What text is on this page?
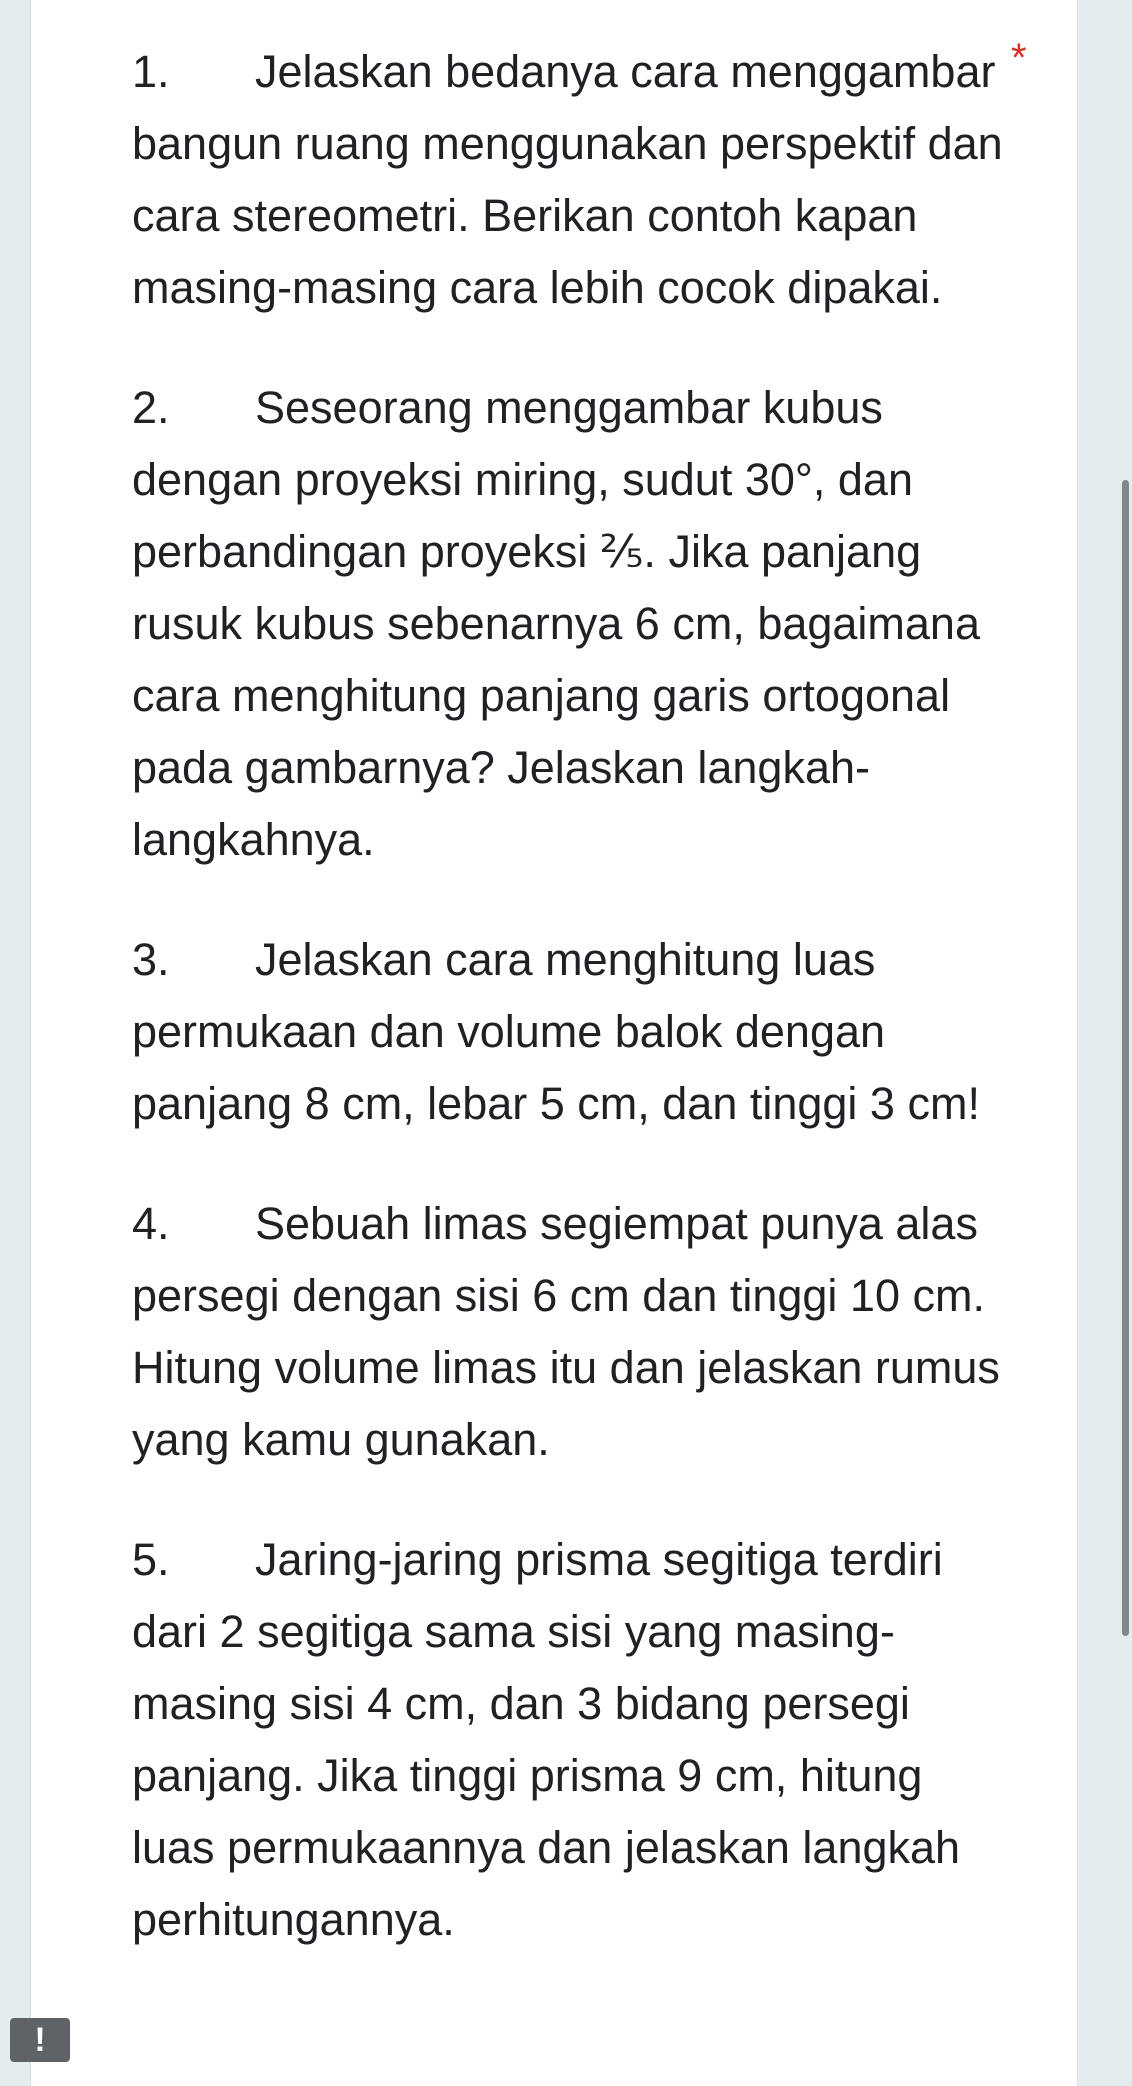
*

1. Jelaskan bedanya cara menggambar bangun ruang menggunakan perspektif dan cara stereometri. Berikan contoh kapan masing-masing cara lebih cocok dipakai.

2. Seseorang menggambar kubus dengan proyeksi miring, sudut 30°, dan perbandingan proyeksi ⅖. Jika panjang rusuk kubus sebenarnya 6 cm, bagaimana cara menghitung panjang garis ortogonal pada gambarnya? Jelaskan langkah-langkahnya.

3. Jelaskan cara menghitung luas permukaan dan volume balok dengan panjang 8 cm, lebar 5 cm, dan tinggi 3 cm!

4. Sebuah limas segiempat punya alas persegi dengan sisi 6 cm dan tinggi 10 cm. Hitung volume limas itu dan jelaskan rumus yang kamu gunakan.

5. Jaring-jaring prisma segitiga terdiri dari 2 segitiga sama sisi yang masing-masing sisi 4 cm, dan 3 bidang persegi panjang. Jika tinggi prisma 9 cm, hitung luas permukaannya dan jelaskan langkah perhitungannya.

!
